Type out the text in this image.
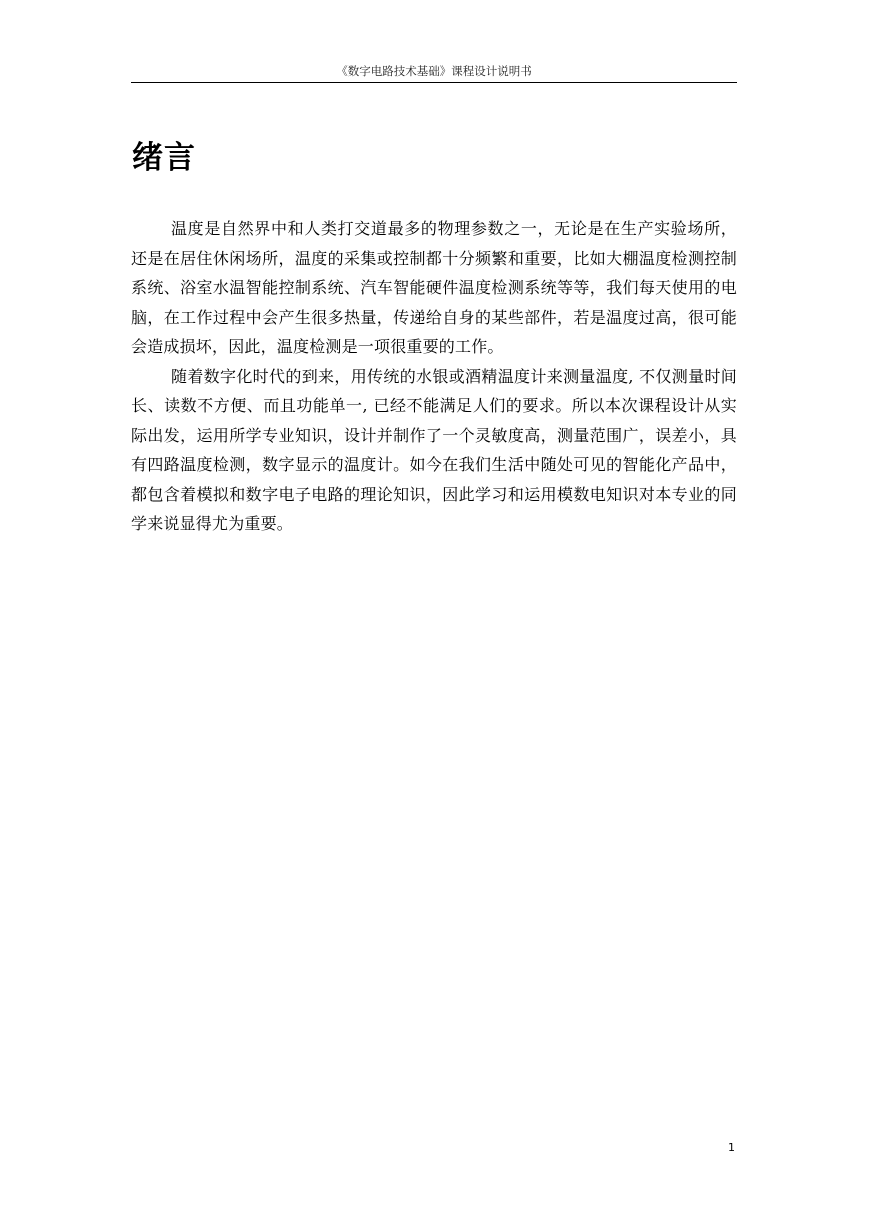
《数字电路技术基础》课程设计说明书
绪言

温度是自然界中和人类打交道最多的物理参数之一，无论是在生产实验场所，还是在居住休闲场所，温度的采集或控制都十分频繁和重要，比如大棚温度检测控制系统、浴室水温智能控制系统、汽车智能硬件温度检测系统等等，我们每天使用的电脑，在工作过程中会产生很多热量，传递给自身的某些部件，若是温度过高，很可能会造成损坏，因此，温度检测是一项很重要的工作。

随着数字化时代的到来，用传统的水银或酒精温度计来测量温度, 不仅测量时间长、读数不方便、而且功能单一, 已经不能满足人们的要求。所以本次课程设计从实际出发，运用所学专业知识，设计并制作了一个灵敏度高，测量范围广，误差小，具有四路温度检测，数字显示的温度计。如今在我们生活中随处可见的智能化产品中，都包含着模拟和数字电子电路的理论知识，因此学习和运用模数电知识对本专业的同学来说显得尤为重要。

1
